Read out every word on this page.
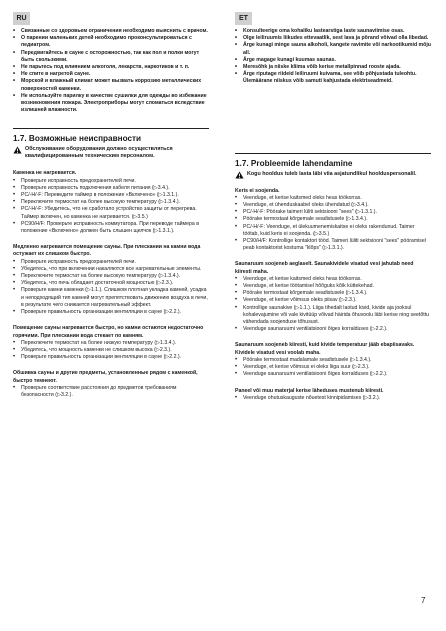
RU	ET
• Связанные со здоровьем ограничения необходимо выяснить с врачом.
• О парении маленьких детей необходимо проконсультироваться с педиатром.
• Передвигайтесь в сауне с осторожностью, так как пол и полки могут быть скользкими.
• Не парьтесь под влиянием алкоголя, лекарств, наркотиков и т. п.
• Не спите в нагретой сауне.
• Морской и влажный климат может вызвать коррозию металлических поверхностей каменки.
• Не используйте парилку в качестве сушилки для одежды во избежание возникновения пожара. Электроприборы могут сломаться вследствие излишней влажности.
1.7. Возможные неисправности
Обслуживание оборудования должно осуществляться квалифицированным техническим персоналом.
Каменка не нагревается.
• Проверьте исправность предохранителей печи.
• Проверьте исправность подключения кабеля питания (▷3.4.).
• PC/-H/-F: Переведите таймер в положение «Включено» (▷1.3.1.).
• Переключите термостат на более высокую температуру (▷1.3.4.).
• PC/-H/-F: Убедитесь, что не сработало устройство защиты от перегрева. Таймер включен, но каменка не нагревается. (▷3.5.)
• PC90/H/F: Проверьте исправность коммутатора. При переводе таймера в положение «Включено» должен быть слышен щелчок (▷1.3.1.).
Медленно нагревается помещение сауны. При плескании на камни вода остужает их слишком быстро.
• Проверьте исправность предохранителей печи.
• Убедитесь, что при включении накаляются все нагревательные элементы.
• Переключите термостат на более высокую температуру (▷1.3.4.).
• Убедитесь, что печь обладает достаточной мощностью (▷2.3.).
• Проверьте камни каменки (▷1.1.). Слишком плотная укладка камней, усадка и неподходящий тип камней могут препятствовать движению воздуха в печи, в результате чего снижается нагревательный эффект.
• Проверьте правильность организации вентиляции в сауне (▷2.2.).
Помещение сауны нагревается быстро, но камни остаются недостаточно горячими. При плескании вода стекает по камням.
• Переключите термостат на более низкую температуру (▷1.3.4.).
• Убедитесь, что мощность каменки не слишком высока (▷2.3.).
• Проверьте правильность организации вентиляции в сауне (▷2.2.).
Обшивка сауны и другие предметы, установленные рядом с каменкой, быстро темнеют.
• Проверьте соответствие расстояния до предметов требованиям безопасности (▷3.2.).
• Konsulteerige oma kohaliku lastearstiga laste saunaviimise osas.
• Olge leiliruumis liikudes ettevaatlik, sest lava ja põrand võivad olla libedad.
• Ärge kunagi minge sauna alkoholi, kangete ravimite või narkootikumid mõju all.
• Ärge magage kunagi kuumas saunas.
• Meresõhk ja niiske kliima võib kerise metallpinnad rooste ajada.
• Ärge riputage riideid leiliruumi kuivama, see võib põhjustada tuleohtu. Ülemäärane niiskus võib samuti kahjustada elektriseadmeid.
1.7. Probleemide lahendamine
Kogu hooldus tuleb lasta läbi viia asjatundlikul hoolduspersonalil.
Keris ei soojenda.
• Veenduge, et kerise kaitsmed oleks heas töökorras.
• Veenduge, et ühenduskaabel oleks ühendatud (▷3.4.).
• PC/-H/-F: Pöörake taimeri lüliti sektsiooni "sees" (▷1.3.1.).
• Pöörake termostaat kõrgemale seadistusele (▷1.3.4.).
• PC/-H/-F: Veenduge, et ülekuumenemiskaitse ei oleks rakendunud. Taimer töötab, kuid keris ei soojenda. (▷3.5.)
• PC90/H/F: Kontrollige kontaktori tööd. Taimeri lüliti sektsiooni "sees" pööramisel peab kontaktorist kostuma "klõps" (▷1.3.1.).
Saunaruum soojeneb aeglaselt. Saunakividele visatud vesi jahutab need kiiresti maha.
• Veenduge, et kerise kaitsmed oleks heas töökorras.
• Veenduge, et kerise töötamisel hõõguks kõik küttekehad.
• Pöörake termostaat kõrgemale seadistusele (▷1.3.4.).
• Veenduge, et kerise võimsus oleks piisav (▷2.3.).
• Kontrollige saunakive (▷1.1.). Liiga tihedalt laotud kivid, kivide aja jooksul kohalevajumine või vale kivitüüp võivad häirida õhuvoolu läbi kerise ning seetõttu vähendada soojenduse tõhusust.
• Veenduge saunaruumi ventilatsiooni õiges korralduses (▷2.2.).
Saunaruum soojeneb kiiresti, kuid kivide temperatuur jääb ebapiisavaks. Kividele visatud vesi voolab maha.
• Pöörake termostaat madalamale seadistusele (▷1.3.4.).
• Veenduge, et kerise võimsus ei oleks liiga suur (▷2.3.).
• Veenduge saunaruumi ventilatsiooni õiges korralduses (▷2.2.).
Paneel või muu materjal kerise läheduses mustenub kiiresti.
• Veenduge ohutuskauguste nõuetest kinnipidamises (▷3.2.).
7
